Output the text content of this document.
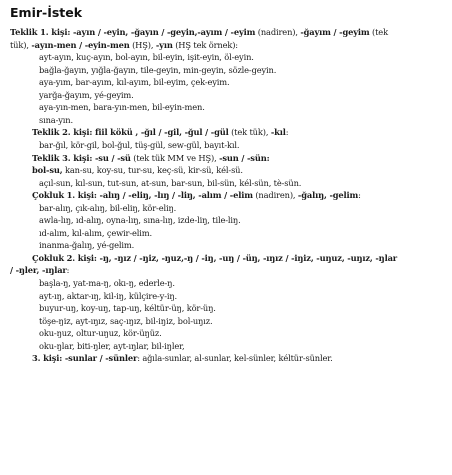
Emir-İstek
Teklik 1. kişi: -ayın / -eyin, -ğayın / -geyin,-ayım / -eyim (nadiren), -ğayım / -geyim (tek
tük), -ayın-men / -eyin-men (HŞ), -yın (HŞ tek örnek):
ayt-ayın, kuç-ayın, bol-ayın, bil-eyin, işit-eyin, öl-eyin.
bağla-ğayın, yığla-ğayın, tile-geyin, min-geyin, sözle-geyin.
aya-yım, bar-ayım, kıl-ayım, bil-eyim, çek-eyim.
yarğa-ğayım, yé-geyim.
aya-yın-men, bara-yın-men, bil-eyin-men.
sına-yın.
Teklik 2. kişi: fiil kökü , -ğıl / -gil, -ğul / -gül (tek tük), -kıl:
bar-ğıl, kör-gil, bol-ğul, tüş-gül, sew-gül, bayıt-kıl.
Teklik 3. kişi: -su / -sü (tek tük MM ve HŞ), -sun / -sün:
bol-su, kan-su, koy-su, tur-su, keç-sü, kir-sü, kél-sü.
açıl-sun, kıl-sun, tut-sun, at-sun, bar-sun, bil-sün, kél-sün, tè-sün.
Çokluk 1. kişi: -alıŋ / -eliŋ, -lıŋ / -liŋ, -alım / -elim (nadiren), -ğalıŋ, -gelim:
bar-alıŋ, çık-alıŋ, bil-eliŋ, kör-eliŋ.
awla-lıŋ, ıd-alıŋ, oyna-lıŋ, sına-lıŋ, izde-liŋ, tile-liŋ.
ıd-alım, kıl-alım, çewir-elim.
inanma-ğalıŋ, yé-gelim.
Çokluk 2. kişi: -ŋ, -ŋız / -ŋiz, -ŋuz,-ŋ / -iŋ, -uŋ / -üŋ, -ıŋız / -iŋiz, -uŋuz, -uŋız, -ŋlar
/ -ŋler, -ıŋlar:
başla-ŋ, yat-ma-ŋ, okı-ŋ, ederle-ŋ.
ayt-ıŋ, aktar-ıŋ, kil-iŋ, külçire-y-iŋ.
buyur-uŋ, koy-uŋ, tap-uŋ, kéltür-üŋ, kör-üŋ.
töşe-ŋiz, ayt-ıŋız, saç-ıŋız, bil-iŋiz, bol-uŋız.
oku-ŋuz, oltur-uŋuz, kör-üŋüz.
oku-ŋlar, biti-ŋler, ayt-ıŋlar, bil-iŋler,
3. kişi: -sunlar / -sünler: ağıla-sunlar, al-sunlar, kel-sünler, kéltür-sünler.
